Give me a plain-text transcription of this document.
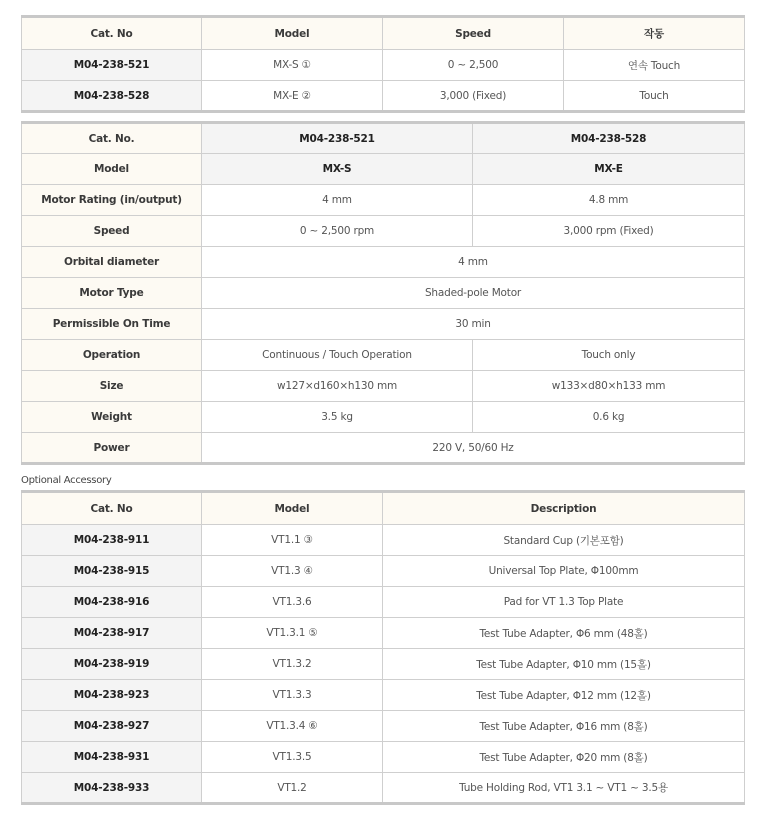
Cat. No	Model	Speed	작동
M04-238-521	MX-S ①	0 ~ 2,500	연속 Touch
M04-238-528	MX-E ②	3,000 (Fixed)	Touch
Cat. No.	M04-238-521	M04-238-528
Model	MX-S	MX-E
Motor Rating (in/output)	4 mm	4.8 mm
Speed	0 ~ 2,500 rpm	3,000 rpm (Fixed)
Orbital diameter	4 mm	
Motor Type	Shaded-pole Motor	
Permissible On Time	30 min	
Operation	Continuous / Touch Operation	Touch only
Size	w127×d160×h130 mm	w133×d80×h133 mm
Weight	3.5 kg	0.6 kg
Power	220 V, 50/60 Hz	
Optional Accessory
Cat. No	Model	Description
M04-238-911	VT1.1 ③	Standard Cup (기본포함)
M04-238-915	VT1.3 ④	Universal Top Plate, Φ100mm
M04-238-916	VT1.3.6	Pad for VT 1.3 Top Plate
M04-238-917	VT1.3.1 ⑤	Test Tube Adapter, Φ6 mm (48홀)
M04-238-919	VT1.3.2	Test Tube Adapter, Φ10 mm (15홀)
M04-238-923	VT1.3.3	Test Tube Adapter, Φ12 mm (12홀)
M04-238-927	VT1.3.4 ⑥	Test Tube Adapter, Φ16 mm (8홀)
M04-238-931	VT1.3.5	Test Tube Adapter, Φ20 mm (8홀)
M04-238-933	VT1.2	Tube Holding Rod, VT1 3.1 ~ VT1 ~ 3.5용
